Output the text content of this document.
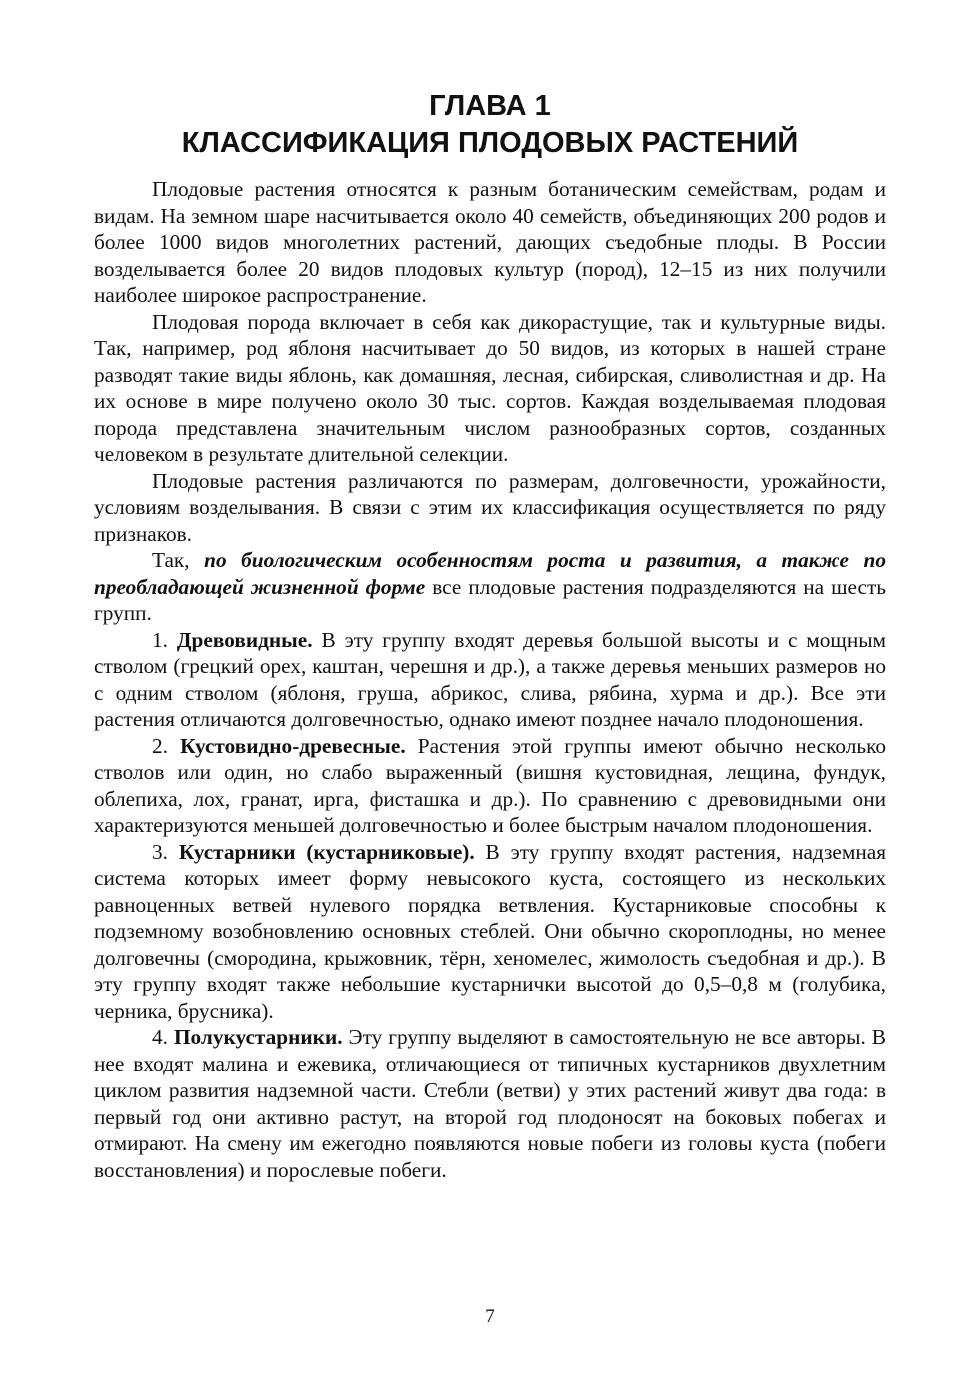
ГЛАВА 1
КЛАССИФИКАЦИЯ ПЛОДОВЫХ РАСТЕНИЙ

Плодовые растения относятся к разным ботаническим семействам, родам и видам. На земном шаре насчитывается около 40 семейств, объединяющих 200 родов и более 1000 видов многолетних растений, дающих съедобные плоды. В России возделывается более 20 видов плодовых культур (пород), 12–15 из них получили наиболее широкое распространение.

Плодовая порода включает в себя как дикорастущие, так и культурные виды. Так, например, род яблоня насчитывает до 50 видов, из которых в нашей стране разводят такие виды яблонь, как домашняя, лесная, сибирская, сливолистная и др. На их основе в мире получено около 30 тыс. сортов. Каждая возделываемая плодовая порода представлена значительным числом разнообразных сортов, созданных человеком в результате длительной селекции.

Плодовые растения различаются по размерам, долговечности, урожайности, условиям возделывания. В связи с этим их классификация осуществляется по ряду признаков.

Так, по биологическим особенностям роста и развития, а также по преобладающей жизненной форме все плодовые растения подразделяются на шесть групп.

1. Древовидные. В эту группу входят деревья большой высоты и с мощным стволом (грецкий орех, каштан, черешня и др.), а также деревья меньших размеров но с одним стволом (яблоня, груша, абрикос, слива, рябина, хурма и др.). Все эти растения отличаются долговечностью, однако имеют позднее начало плодоношения.

2. Кустовидно-древесные. Растения этой группы имеют обычно несколько стволов или один, но слабо выраженный (вишня кустовидная, лещина, фундук, облепиха, лох, гранат, ирга, фисташка и др.). По сравнению с древовидными они характеризуются меньшей долговечностью и более быстрым началом плодоношения.

3. Кустарники (кустарниковые). В эту группу входят растения, надземная система которых имеет форму невысокого куста, состоящего из нескольких равноценных ветвей нулевого порядка ветвления. Кустарниковые способны к подземному возобновлению основных стеблей. Они обычно скороплодны, но менее долговечны (смородина, крыжовник, тёрн, хеномелес, жимолость съедобная и др.). В эту группу входят также небольшие кустарнички высотой до 0,5–0,8 м (голубика, черника, брусника).

4. Полукустарники. Эту группу выделяют в самостоятельную не все авторы. В нее входят малина и ежевика, отличающиеся от типичных кустарников двухлетним циклом развития надземной части. Стебли (ветви) у этих растений живут два года: в первый год они активно растут, на второй год плодоносят на боковых побегах и отмирают. На смену им ежегодно появляются новые побеги из головы куста (побеги восстановления) и порослевые побеги.

7
